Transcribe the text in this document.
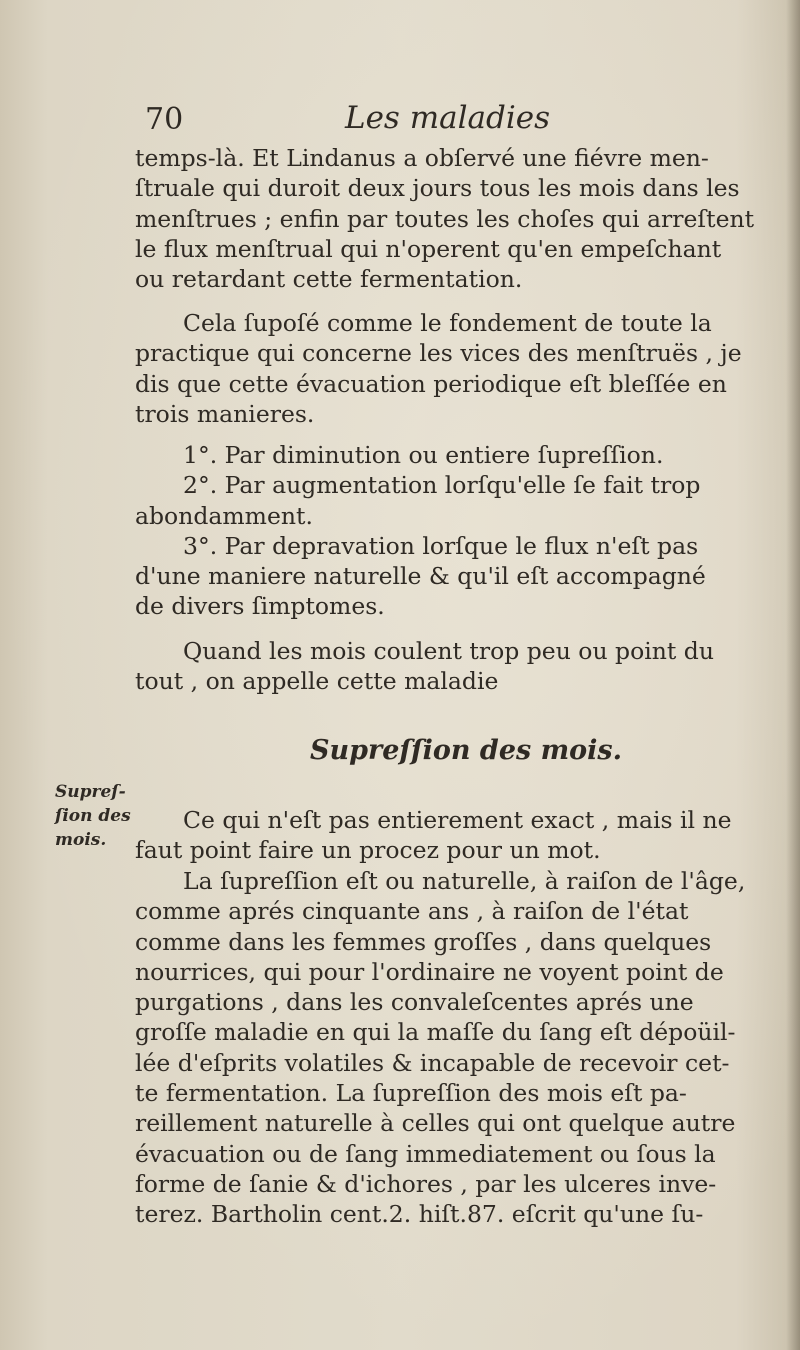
70	Les maladies
temps-là. Et Lindanus a obſervé une fiévre men-
ſtruale qui duroit deux jours tous les mois dans les
menſtrues ; enfin par toutes les choſes qui arreſtent
le flux menſtrual qui n'operent qu'en empeſchant
ou retardant cette fermentation.
Cela ſupoſé comme le fondement de toute la
practique qui concerne les vices des menſtruës , je
dis que cette évacuation periodique eſt bleſſée en
trois manieres.
1°. Par diminution ou entiere ſupreſſion.
2°. Par augmentation lorſqu'elle ſe fait trop
abondamment.
3°. Par depravation lorſque le flux n'eſt pas
d'une maniere naturelle & qu'il eſt accompagné
de divers ſimptomes.
Quand les mois coulent trop peu ou point du
tout , on appelle cette maladie
Supreſſion des mois.
Supreſ-
ſion des
mois.
Ce qui n'eſt pas entierement exact , mais il ne
faut point faire un procez pour un mot.
La ſupreſſion eſt ou naturelle, à raiſon de l'âge,
comme aprés cinquante ans , à raiſon de l'état
comme dans les femmes groſſes , dans quelques
nourrices, qui pour l'ordinaire ne voyent point de
purgations , dans les convaleſcentes aprés une
groſſe maladie en qui la maſſe du ſang eſt dépoüil-
lée d'eſprits volatiles & incapable de recevoir cet-
te fermentation. La ſupreſſion des mois eſt pa-
reillement naturelle à celles qui ont quelque autre
évacuation ou de ſang immediatement ou ſous la
forme de ſanie & d'ichores , par les ulceres inve-
terez. Bartholin cent.2. hiſt.87. eſcrit qu'une ſu-
